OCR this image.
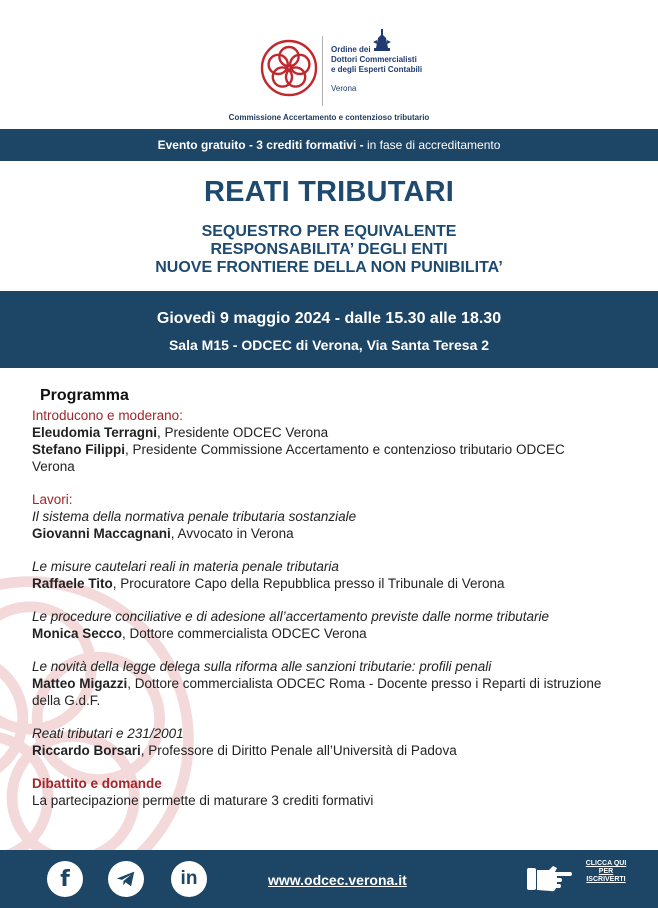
Ordine dei
Dottori Commercialisti
e degli Esperti Contabili
Verona
Commissione Accertamento e contenzioso tributario
Evento gratuito - 3 crediti formativi - in fase di accreditamento
REATI TRIBUTARI
SEQUESTRO PER EQUIVALENTE
RESPONSABILITA’ DEGLI ENTI
NUOVE FRONTIERE DELLA NON PUNIBILITA’
Giovedì 9 maggio 2024 - dalle 15.30 alle 18.30
Sala M15 - ODCEC di Verona, Via Santa Teresa 2
Programma

Introducono e moderano:

Eleudomia Terragni, Presidente ODCEC Verona

Stefano Filippi, Presidente Commissione Accertamento e contenzioso tributario ODCEC Verona

Lavori:

Il sistema della normativa penale tributaria sostanziale

Giovanni Maccagnani, Avvocato in Verona

Le misure cautelari reali in materia penale tributaria

Raffaele Tito, Procuratore Capo della Repubblica presso il Tribunale di Verona

Le procedure conciliative e di adesione all’accertamento previste dalle norme tributarie

Monica Secco, Dottore commercialista ODCEC Verona

Le novità della legge delega sulla riforma alle sanzioni tributarie: profili penali

Matteo Migazzi, Dottore commercialista ODCEC Roma - Docente presso i Reparti di istruzione della G.d.F.

Reati tributari e 231/2001

Riccardo Borsari, Professore di Diritto Penale all’Università di Padova

Dibattito e domande

La partecipazione permette di maturare 3 crediti formativi

f	in	www.odcec.verona.it
CLICCA QUI
PER
ISCRIVERTI
